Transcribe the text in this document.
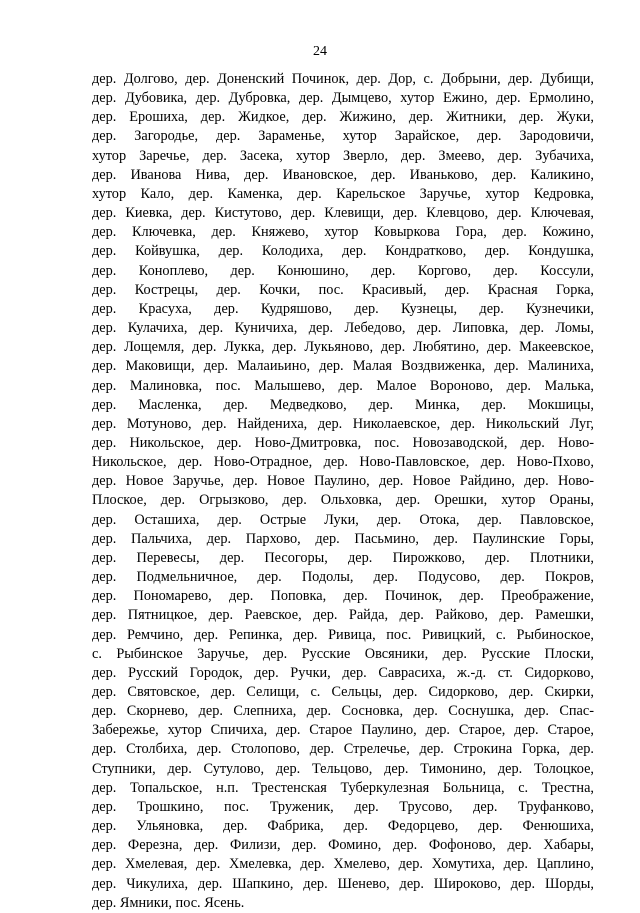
24
дер. Долгово, дер. Доненский Починок, дер. Дор, с. Добрыни, дер. Дубищи,
дер. Дубовика, дер. Дубровка, дер. Дымцево, хутор Ежино, дер. Ермолино,
дер. Ерошиха, дер. Жидкое, дер. Жижино, дер. Житники, дер. Жуки,
дер. Загородье, дер. Зараменье, хутор Зарайское, дер. Зародовичи,
хутор Заречье, дер. Засека, хутор Зверло, дер. Змеево, дер. Зубачиха,
дер. Иванова Нива, дер. Ивановское, дер. Иваньково, дер. Каликино,
хутор Кало, дер. Каменка, дер. Карельское Заручье, хутор Кедровка,
дер. Киевка, дер. Кистутово, дер. Клевищи, дер. Клевцово, дер. Ключевая,
дер. Ключевка, дер. Княжево, хутор Ковыркова Гора, дер. Кожино,
дер. Койвушка, дер. Колодиха, дер. Кондратково, дер. Кондушка,
дер. Коноплево, дер. Конюшино, дер. Коргово, дер. Коссули,
дер. Кострецы, дер. Кочки, пос. Красивый, дер. Красная Горка,
дер. Красуха, дер. Кудряшово, дер. Кузнецы, дер. Кузнечики,
дер. Кулачиха, дер. Куничиха, дер. Лебедово, дер. Липовка, дер. Ломы,
дер. Лощемля, дер. Лукка, дер. Лукьяново, дер. Любятино, дер. Макеевское,
дер. Маковищи, дер. Малаиьино, дер. Малая Воздвиженка, дер. Малиниха,
дер. Малиновка, пос. Малышево, дер. Малое Вороново, дер. Малька,
дер. Масленка, дер. Медведково, дер. Минка, дер. Мокшицы,
дер. Мотуново, дер. Найдениха, дер. Николаевское, дер. Никольский Луг,
дер. Никольское, дер. Ново-Дмитровка, пос. Новозаводской, дер. Ново-
Никольское, дер. Ново-Отрадное, дер. Ново-Павловское, дер. Ново-Пхово,
дер. Новое Заручье, дер. Новое Паулино, дер. Новое Райдино, дер. Ново-
Плоское, дер. Огрызково, дер. Ольховка, дер. Орешки, хутор Ораны,
дер. Осташиха, дер. Острые Луки, дер. Отока, дер. Павловское,
дер. Пальчиха, дер. Пархово, дер. Пасьмино, дер. Паулинские Горы,
дер. Перевесы, дер. Песогоры, дер. Пирожково, дер. Плотники,
дер. Подмельничное, дер. Подолы, дер. Подусово, дер. Покров,
дер. Пономарево, дер. Поповка, дер. Починок, дер. Преображение,
дер. Пятницкое, дер. Раевское, дер. Райда, дер. Райково, дер. Рамешки,
дер. Ремчино, дер. Репинка, дер. Ривица, пос. Ривицкий, с. Рыбиноское,
с. Рыбинское Заручье, дер. Русские Овсяники, дер. Русские Плоски,
дер. Русский Городок, дер. Ручки, дер. Саврасиха, ж.-д. ст. Сидорково,
дер. Святовское, дер. Селищи, с. Сельцы, дер. Сидорково, дер. Скирки,
дер. Скорнево, дер. Слепниха, дер. Сосновка, дер. Соснушка, дер. Спас-
Забережье, хутор Спичиха, дер. Старое Паулино, дер. Старое, дер. Старое,
дер. Столбиха, дер. Столопово, дер. Стрелечье, дер. Строкина Горка, дер.
Ступники, дер. Сутулово, дер. Тельцово, дер. Тимонино, дер. Толоцкое,
дер. Топальское, н.п. Трестенская Туберкулезная Больница, с. Трестна,
дер. Трошкино, пос. Труженик, дер. Трусово, дер. Труфанково,
дер. Ульяновка, дер. Фабрика, дер. Федорцево, дер. Фенюшиха,
дер. Ферезна, дер. Филизи, дер. Фомино, дер. Фофоново, дер. Хабары,
дер. Хмелевая, дер. Хмелевка, дер. Хмелево, дер. Хомутиха, дер. Цаплино,
дер. Чикулиха, дер. Шапкино, дер. Шенево, дер. Широково, дер. Шорды,
дер. Ямники, пос. Ясень.
